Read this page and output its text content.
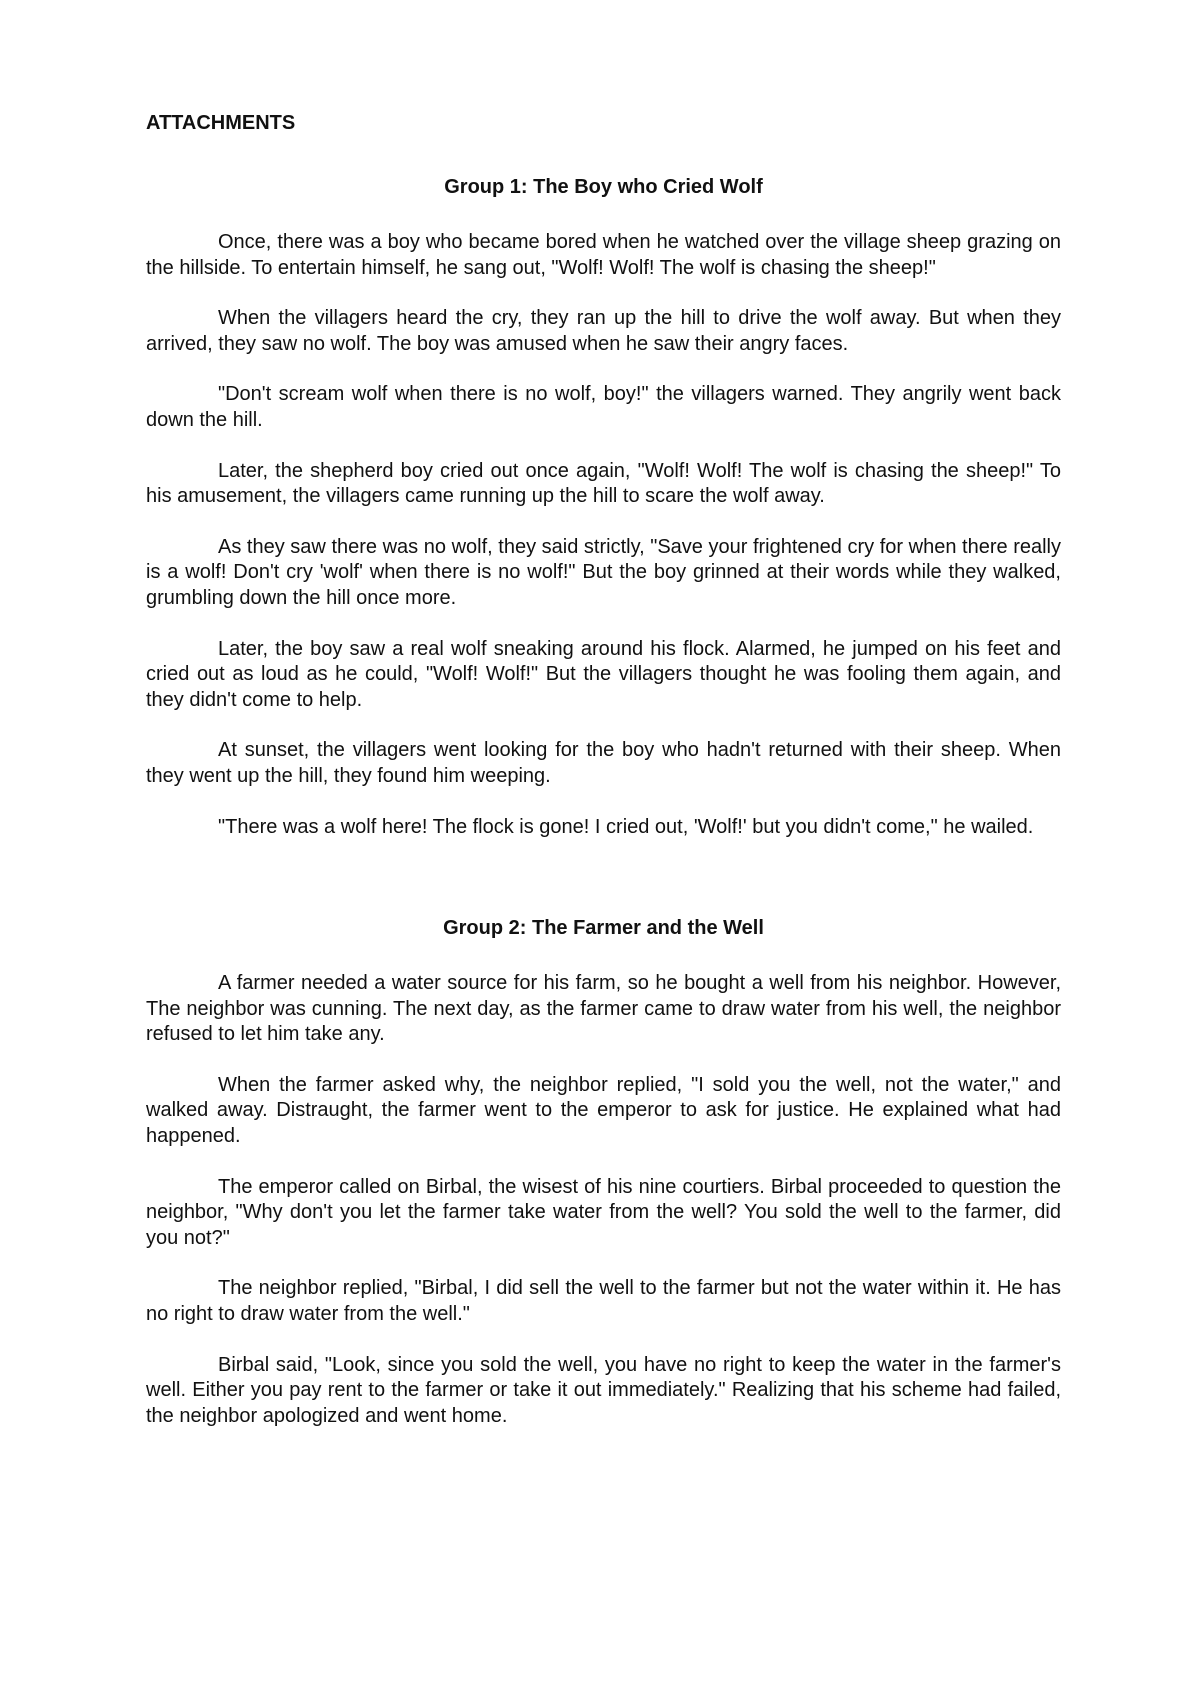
ATTACHMENTS
Group 1: The Boy who Cried Wolf

Once, there was a boy who became bored when he watched over the village sheep grazing on the hillside. To entertain himself, he sang out, "Wolf! Wolf! The wolf is chasing the sheep!"

When the villagers heard the cry, they ran up the hill to drive the wolf away. But when they arrived, they saw no wolf. The boy was amused when he saw their angry faces.

"Don't scream wolf when there is no wolf, boy!" the villagers warned. They angrily went back down the hill.

Later, the shepherd boy cried out once again, "Wolf! Wolf! The wolf is chasing the sheep!" To his amusement, the villagers came running up the hill to scare the wolf away.

As they saw there was no wolf, they said strictly, "Save your frightened cry for when there really is a wolf! Don't cry 'wolf' when there is no wolf!" But the boy grinned at their words while they walked, grumbling down the hill once more.

Later, the boy saw a real wolf sneaking around his flock. Alarmed, he jumped on his feet and cried out as loud as he could, "Wolf! Wolf!" But the villagers thought he was fooling them again, and they didn't come to help.

At sunset, the villagers went looking for the boy who hadn't returned with their sheep. When they went up the hill, they found him weeping.

"There was a wolf here! The flock is gone! I cried out, 'Wolf!' but you didn't come," he wailed.

Group 2: The Farmer and the Well

A farmer needed a water source for his farm, so he bought a well from his neighbor. However, The neighbor was cunning. The next day, as the farmer came to draw water from his well, the neighbor refused to let him take any.

When the farmer asked why, the neighbor replied, "I sold you the well, not the water," and walked away. Distraught, the farmer went to the emperor to ask for justice. He explained what had happened.

The emperor called on Birbal, the wisest of his nine courtiers. Birbal proceeded to question the neighbor, "Why don't you let the farmer take water from the well? You sold the well to the farmer, did you not?"

The neighbor replied, "Birbal, I did sell the well to the farmer but not the water within it. He has no right to draw water from the well."

Birbal said, "Look, since you sold the well, you have no right to keep the water in the farmer's well. Either you pay rent to the farmer or take it out immediately." Realizing that his scheme had failed, the neighbor apologized and went home.
